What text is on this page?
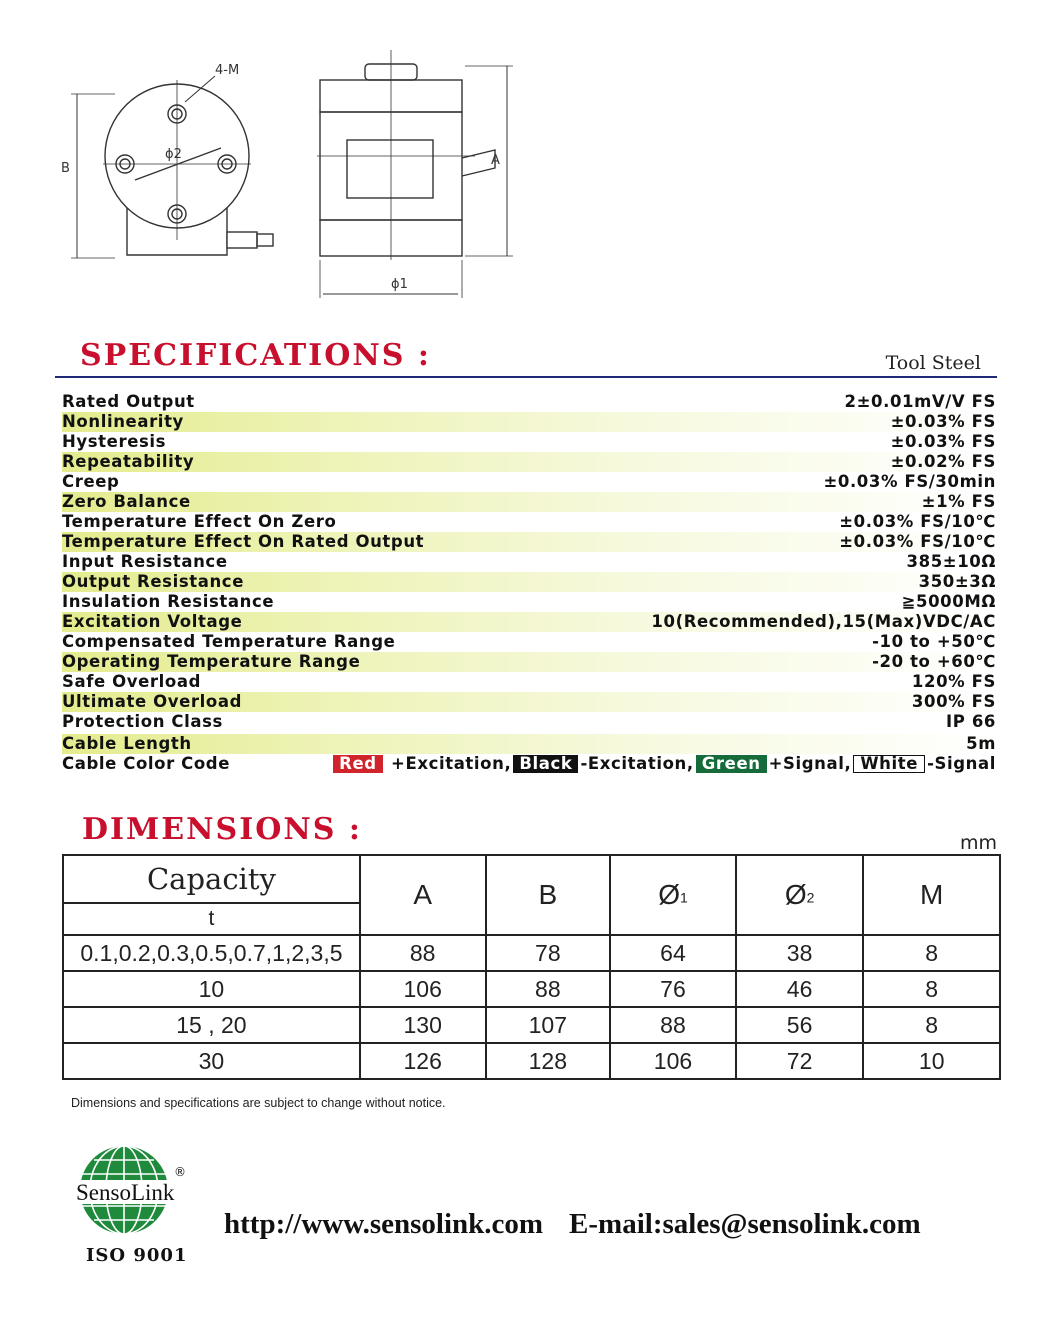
4-M
ϕ2
B
A
ϕ1
SPECIFICATIONS :	Tool Steel
Rated Output	2±0.01mV/V FS
Nonlinearity	±0.03% FS
Hysteresis	±0.03% FS
Repeatability	±0.02% FS
Creep	±0.03% FS/30min
Zero Balance	±1% FS
Temperature Effect On Zero	±0.03% FS/10℃
Temperature Effect On Rated Output	±0.03% FS/10℃
Input Resistance	385±10Ω
Output Resistance	350±3Ω
Insulation Resistance	≧5000MΩ
Excitation Voltage	10(Recommended),15(Max)VDC/AC
Compensated Temperature Range	-10 to +50℃
Operating Temperature Range	-20 to +60℃
Safe Overload	120% FS
Ultimate Overload	300% FS
Protection Class	IP 66
Cable Length	5m
Cable Color Code	Red +Excitation, Black -Excitation, Green +Signal, White -Signal
DIMENSIONS :	mm
Capacity	A	B	Ø1	Ø2	M
t					
0.1,0.2,0.3,0.5,0.7,1,2,3,5	88	78	64	38	8
10	106	88	76	46	8
15 , 20	130	107	88	56	8
30	126	128	106	72	10
Dimensions and specifications are subject to change without notice.
SensoLink
®
ISO 9001
http://www.sensolink.com E-mail:sales@sensolink.com
